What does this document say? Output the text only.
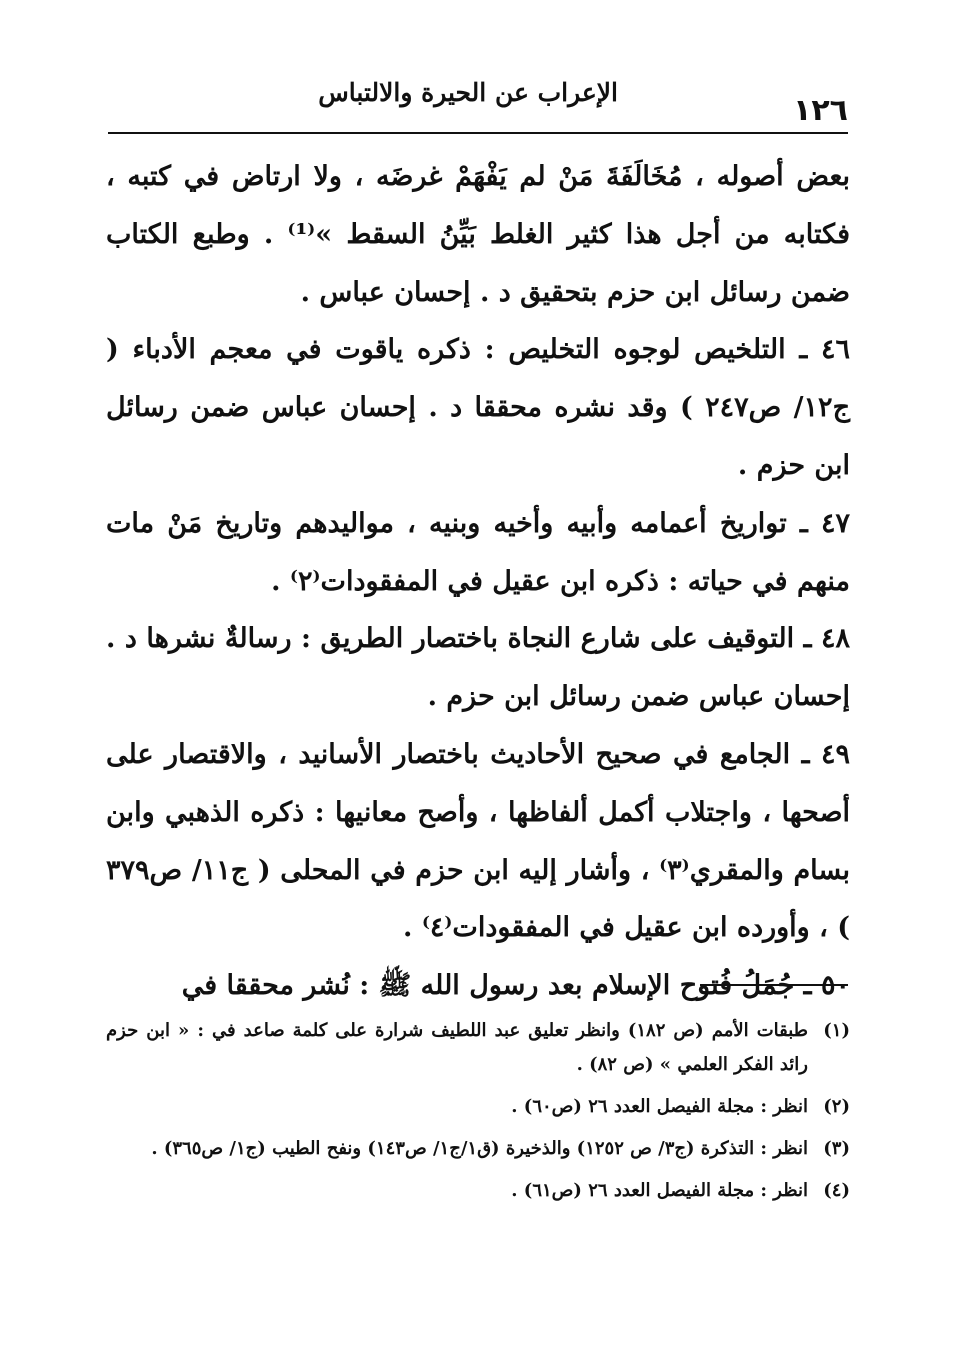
١٢٦
الإعراب عن الحيرة والالتباس

بعض أصوله ، مُخَالَفَةَ مَنْ لم يَفْهَمْ غرضَه ، ولا ارتاض في كتبه ، فكتابه من أجل هذا كثير الغلط بَيِّنُ السقط »⁽¹⁾ . وطبع الكتاب ضمن رسائل ابن حزم بتحقيق د . إحسان عباس .

٤٦ ـ التلخيص لوجوه التخليص : ذكره ياقوت في معجم الأدباء ( ج١٢/ ص٢٤٧ ) وقد نشره محققا د . إحسان عباس ضمن رسائل ابن حزم .

٤٧ ـ تواريخ أعمامه وأبيه وأخيه وبنيه ، مواليدهم وتاريخ مَنْ مات منهم في حياته : ذكره ابن عقيل في المفقودات⁽٢⁾ .

٤٨ ـ التوقيف على شارع النجاة باختصار الطريق : رسالةٌ نشرها د . إحسان عباس ضمن رسائل ابن حزم .

٤٩ ـ الجامع في صحيح الأحاديث باختصار الأسانيد ، والاقتصار على أصحها ، واجتلاب أكمل ألفاظها ، وأصح معانيها : ذكره الذهبي وابن بسام والمقري⁽٣⁾ ، وأشار إليه ابن حزم في المحلى ( ج١١/ ص٣٧٩ ) ، وأورده ابن عقيل في المفقودات⁽٤⁾ .

٥٠ ـ جُمَلُ فُتوح الإسلام بعد رسول الله ﷺ : نُشر محققا في

(١)
طبقات الأمم (ص ١٨٢) وانظر تعليق عبد اللطيف شرارة على كلمة صاعد في : « ابن حزم رائد الفكر العلمي » (ص ٨٢) .
(٢)
انظر : مجلة الفيصل العدد ٢٦ (ص٦٠) .
(٣)
انظر : التذكرة (ج٣/ ص ١٢٥٢) والذخيرة (ق١/ج١/ ص١٤٣) ونفح الطيب (ج١/ ص٣٦٥) .
(٤)
انظر : مجلة الفيصل العدد ٢٦ (ص٦١) .
